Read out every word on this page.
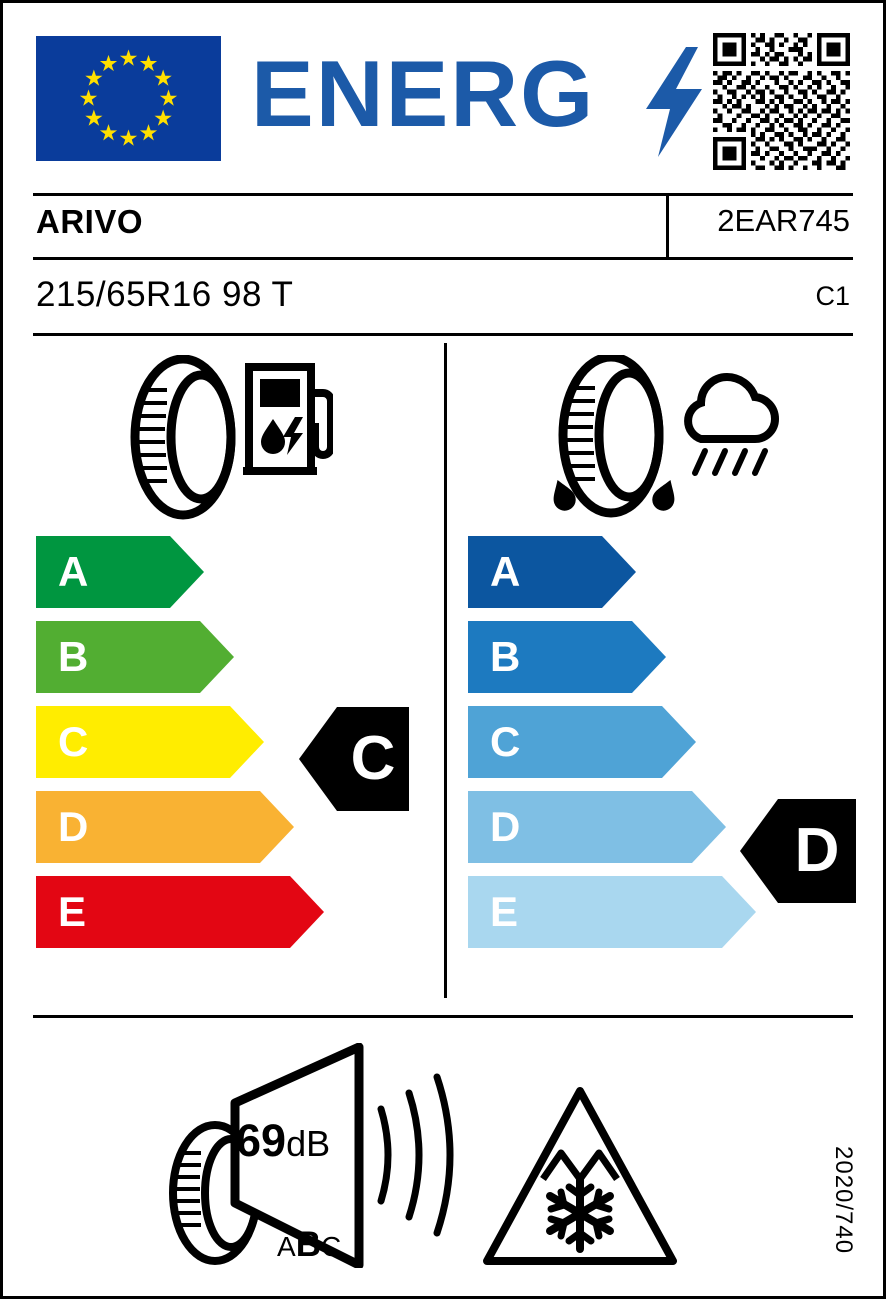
ENERG
ARIVO	2EAR745
215/65R16 98 T	C1
A
B
C
D
E
A
B
C
D
E
C
D
69dB
ABC	2020/740
